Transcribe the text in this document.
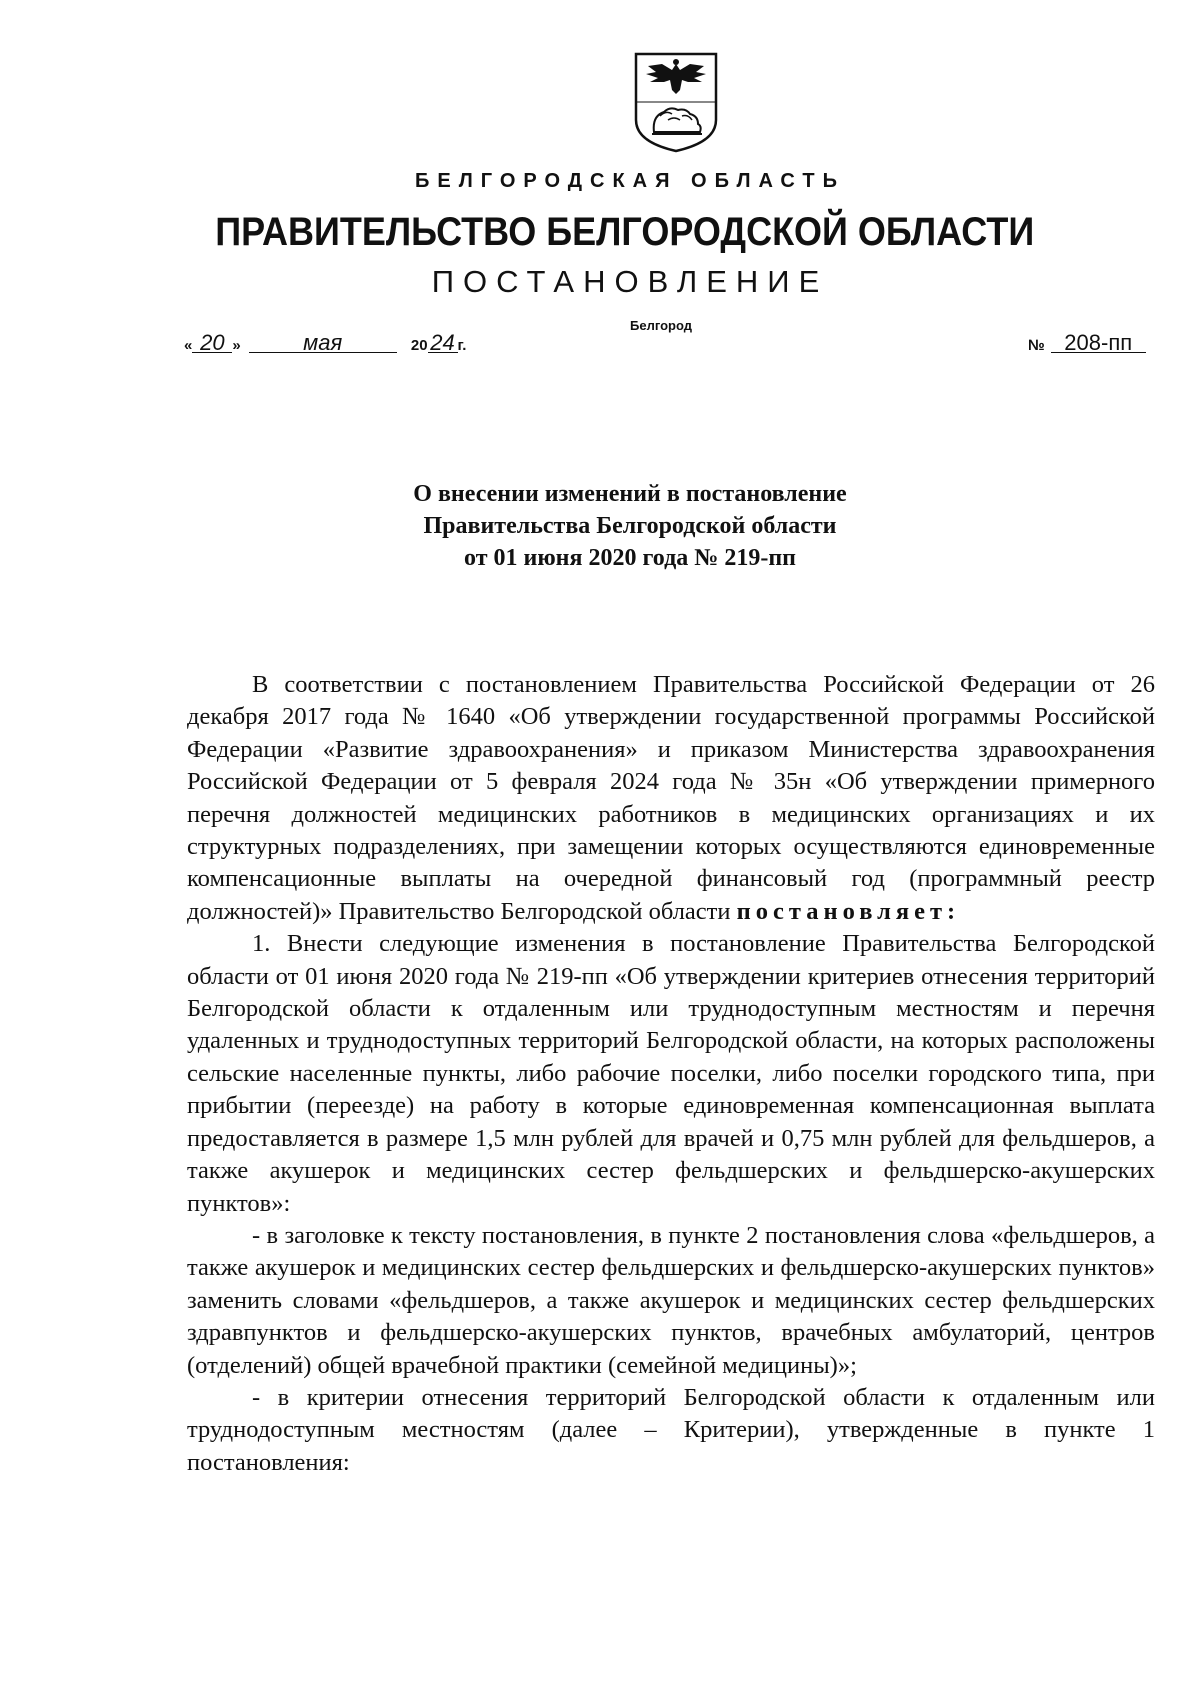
БЕЛГОРОДСКАЯ ОБЛАСТЬ
ПРАВИТЕЛЬСТВО БЕЛГОРОДСКОЙ ОБЛАСТИ
ПОСТАНОВЛЕНИЕ
Белгород
« 20 »	мая	20 24 г.	№ 208-пп
О внесении изменений в постановление
Правительства Белгородской области
от 01 июня 2020 года № 219-пп

В соответствии с постановлением Правительства Российской Федерации от 26 декабря 2017 года № 1640 «Об утверждении государственной программы Российской Федерации «Развитие здравоохранения» и приказом Министерства здравоохранения Российской Федерации от 5 февраля 2024 года № 35н «Об утверждении примерного перечня должностей медицинских работников в медицинских организациях и их структурных подразделениях, при замещении которых осуществляются единовременные компенсационные выплаты на очередной финансовый год (программный реестр должностей)» Правительство Белгородской области постановляет:

1. Внести следующие изменения в постановление Правительства Белгородской области от 01 июня 2020 года № 219-пп «Об утверждении критериев отнесения территорий Белгородской области к отдаленным или труднодоступным местностям и перечня удаленных и труднодоступных территорий Белгородской области, на которых расположены сельские населенные пункты, либо рабочие поселки, либо поселки городского типа, при прибытии (переезде) на работу в которые единовременная компенсационная выплата предоставляется в размере 1,5 млн рублей для врачей и 0,75 млн рублей для фельдшеров, а также акушерок и медицинских сестер фельдшерских и фельдшерско-акушерских пунктов»:

- в заголовке к тексту постановления, в пункте 2 постановления слова «фельдшеров, а также акушерок и медицинских сестер фельдшерских и фельдшерско-акушерских пунктов» заменить словами «фельдшеров, а также акушерок и медицинских сестер фельдшерских здравпунктов и фельдшерско-акушерских пунктов, врачебных амбулаторий, центров (отделений) общей врачебной практики (семейной медицины)»;

- в критерии отнесения территорий Белгородской области к отдаленным или труднодоступным местностям (далее – Критерии), утвержденные в пункте 1 постановления:
